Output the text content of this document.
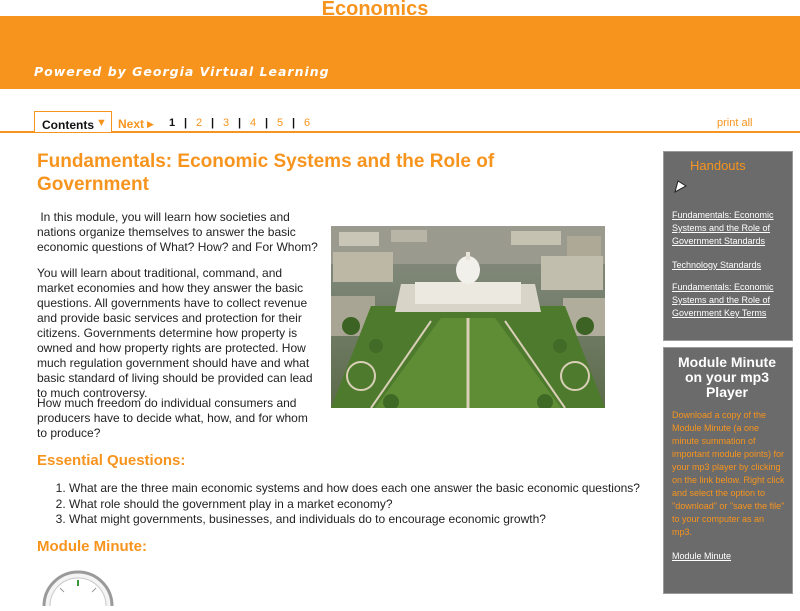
Economics
Powered by Georgia Virtual Learning
Contents ▼ Next ▶ 1 | 2 | 3 | 4 | 5 | 6	print all
Fundamentals: Economic Systems and the Role of Government
In this module, you will learn how societies and nations organize themselves to answer the basic economic questions of What? How? and For Whom?
You will learn about traditional, command, and market economies and how they answer the basic questions. All governments have to collect revenue and provide basic services and protection for their citizens. Governments determine how property is owned and how property rights are protected. How much regulation government should have and what basic standard of living should be provided can lead to much controversy.
How much freedom do individual consumers and producers have to decide what, how, and for whom to produce?
Essential Questions:
1. What are the three main economic systems and how does each one answer the basic economic questions?
2. What role should the government play in a market economy?
3. What might governments, businesses, and individuals do to encourage economic growth?
Module Minute:
Handouts
Fundamentals: Economic Systems and the Role of Government Standards
Technology Standards
Fundamentals: Economic Systems and the Role of Government Key Terms
Module Minute on your mp3 Player
Download a copy of the Module Minute (a one minute summation of important module points) for your mp3 player by clicking on the link below. Right click and select the option to "download" or "save the file" to your computer as an mp3.
Module Minute
